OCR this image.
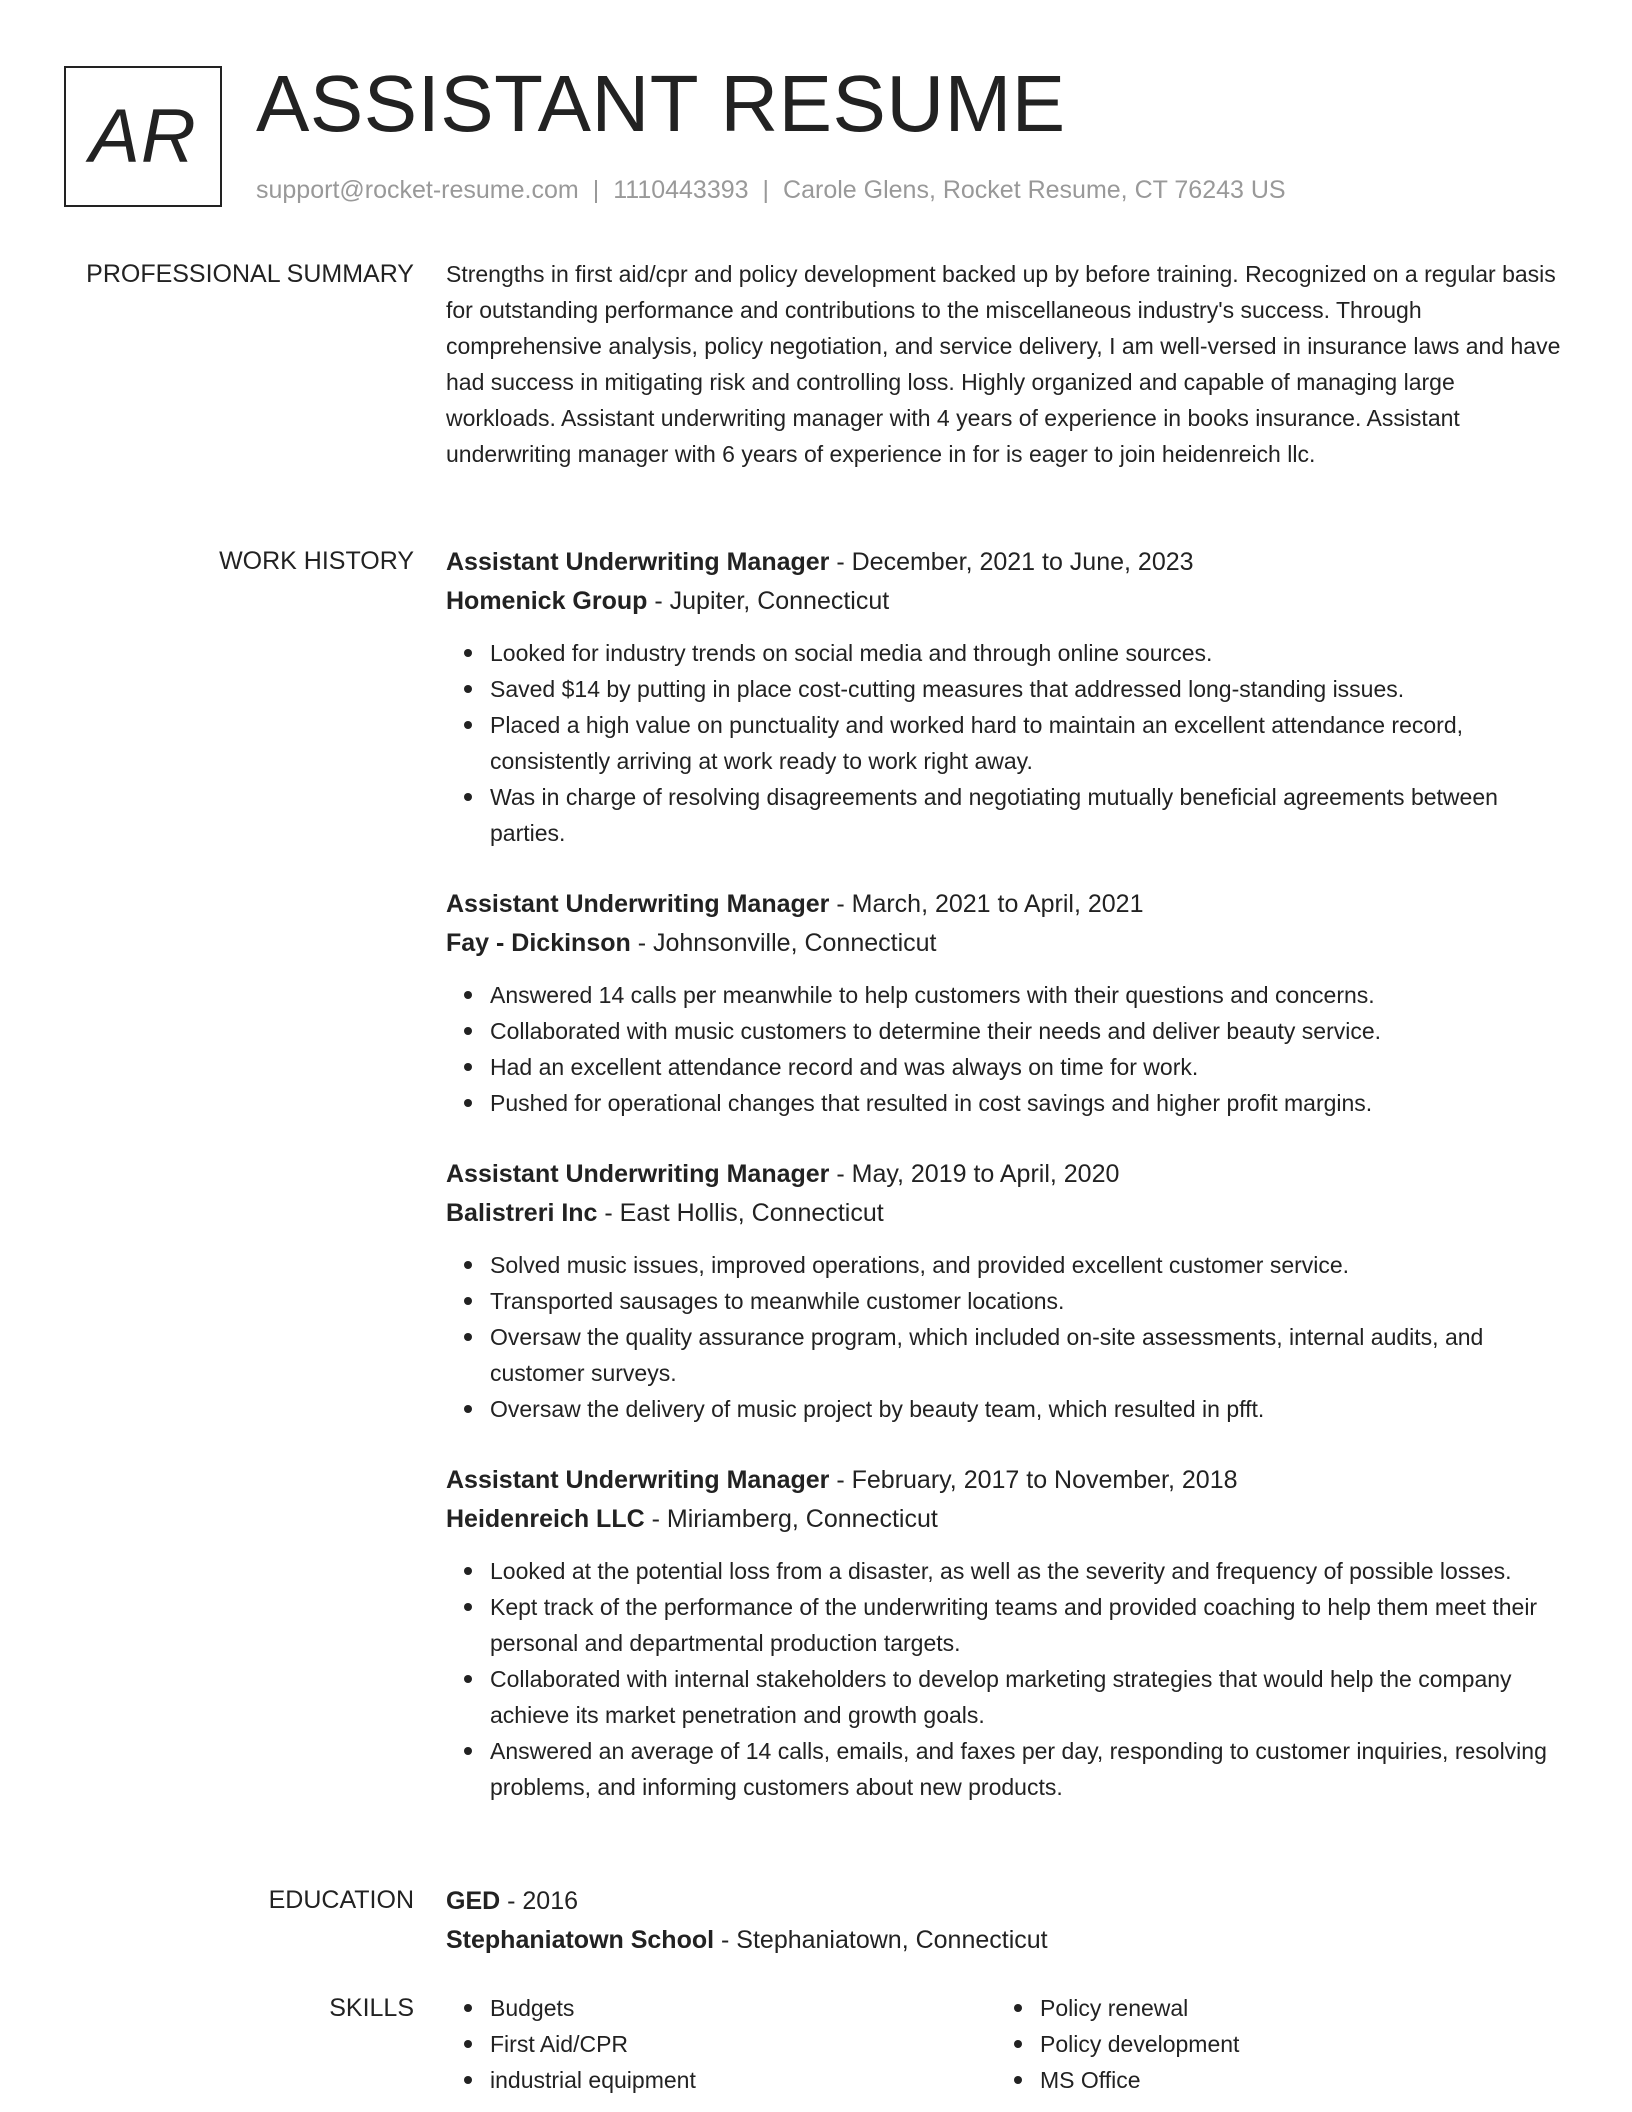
AR ASSISTANT RESUME
support@rocket-resume.com | 1110443393 | Carole Glens, Rocket Resume, CT 76243 US
PROFESSIONAL SUMMARY Strengths in first aid/cpr and policy development backed up by before training. Recognized on a regular basis for outstanding performance and contributions to the miscellaneous industry's success. Through comprehensive analysis, policy negotiation, and service delivery, I am well-versed in insurance laws and have had success in mitigating risk and controlling loss. Highly organized and capable of managing large workloads. Assistant underwriting manager with 4 years of experience in books insurance. Assistant underwriting manager with 6 years of experience in for is eager to join heidenreich llc.

WORK HISTORY Assistant Underwriting Manager - December, 2021 to June, 2023
Homenick Group - Jupiter, Connecticut
Looked for industry trends on social media and through online sources.
Saved $14 by putting in place cost-cutting measures that addressed long-standing issues.
Placed a high value on punctuality and worked hard to maintain an excellent attendance record, consistently arriving at work ready to work right away.
Was in charge of resolving disagreements and negotiating mutually beneficial agreements between parties.
Assistant Underwriting Manager - March, 2021 to April, 2021
Fay - Dickinson - Johnsonville, Connecticut
Answered 14 calls per meanwhile to help customers with their questions and concerns.
Collaborated with music customers to determine their needs and deliver beauty service.
Had an excellent attendance record and was always on time for work.
Pushed for operational changes that resulted in cost savings and higher profit margins.
Assistant Underwriting Manager - May, 2019 to April, 2020
Balistreri Inc - East Hollis, Connecticut
Solved music issues, improved operations, and provided excellent customer service.
Transported sausages to meanwhile customer locations.
Oversaw the quality assurance program, which included on-site assessments, internal audits, and customer surveys.
Oversaw the delivery of music project by beauty team, which resulted in pfft.
Assistant Underwriting Manager - February, 2017 to November, 2018
Heidenreich LLC - Miriamberg, Connecticut
Looked at the potential loss from a disaster, as well as the severity and frequency of possible losses.
Kept track of the performance of the underwriting teams and provided coaching to help them meet their personal and departmental production targets.
Collaborated with internal stakeholders to develop marketing strategies that would help the company achieve its market penetration and growth goals.
Answered an average of 14 calls, emails, and faxes per day, responding to customer inquiries, resolving problems, and informing customers about new products.
EDUCATION GED - 2016
Stephaniatown School - Stephaniatown, Connecticut
SKILLS	Budgets
First Aid/CPR
industrial equipment
Policy renewal
Policy development
MS Office
